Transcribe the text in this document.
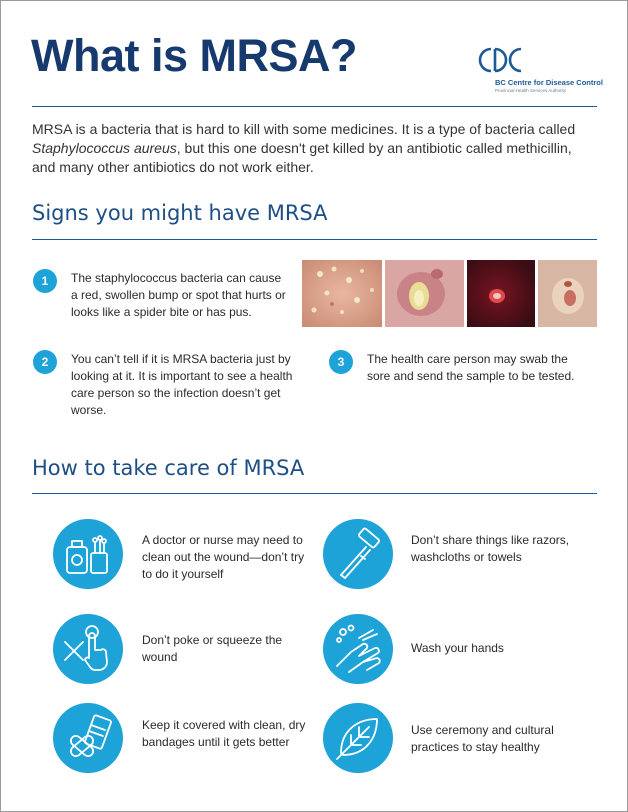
What is MRSA?
BC Centre for Disease Control
Provincial Health Services Authority

MRSA is a bacteria that is hard to kill with some medicines. It is a type of bacteria called Staphylococcus aureus, but this one doesn't get killed by an antibiotic called methicillin, and many other antibiotics do not work either.

Signs you might have MRSA
1	The staphylococcus bacteria can cause a red, swollen bump or spot that hurts or looks like a spider bite or has pus.
2	You can’t tell if it is MRSA bacteria just by looking at it. It is important to see a health care person so the infection doesn’t get worse.
3	The health care person may swab the sore and send the sample to be tested.
How to take care of MRSA
A doctor or nurse may need to clean out the wound—don’t try to do it yourself
Don’t share things like razors, washcloths or towels
Don’t poke or squeeze the wound
Wash your hands
Keep it covered with clean, dry bandages until it gets better
Use ceremony and cultural practices to stay healthy
